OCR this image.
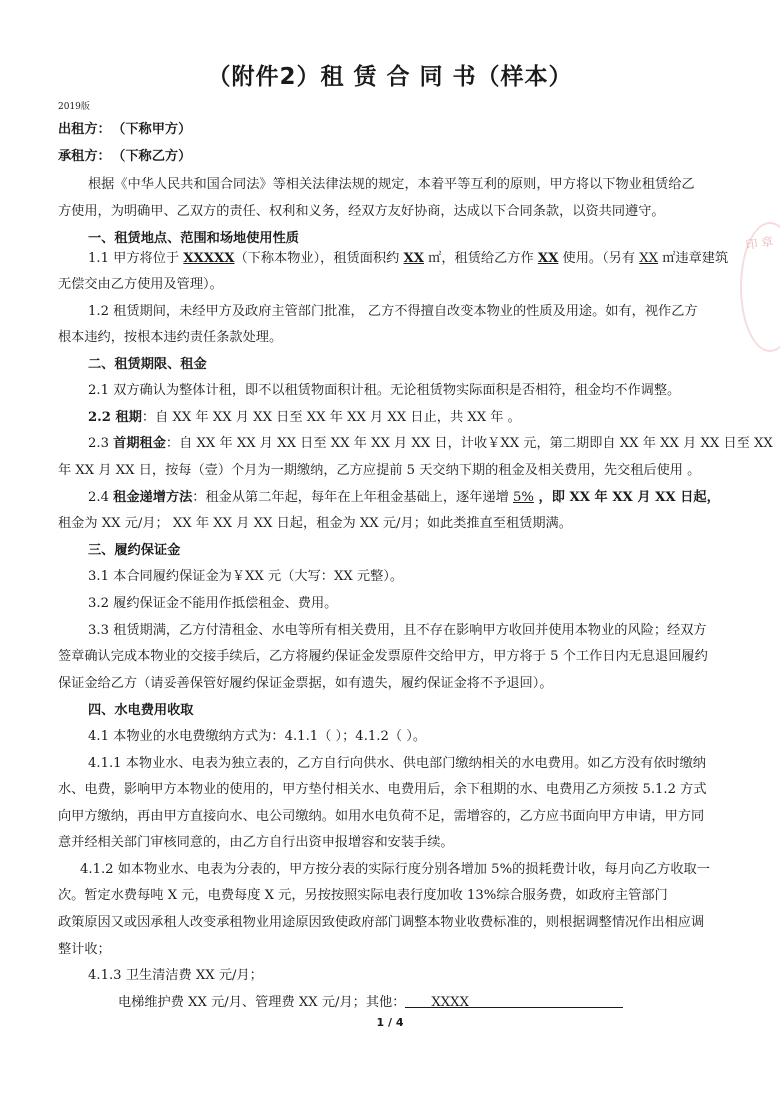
（附件2）租 赁 合 同 书（样本）
2019版
出租方： （下称甲方）
承租方： （下称乙方）
根据《中华人民共和国合同法》等相关法律法规的规定，本着平等互利的原则，甲方将以下物业租赁给乙
方使用，为明确甲、乙双方的责任、权利和义务，经双方友好协商，达成以下合同条款，以资共同遵守。
一、租赁地点、范围和场地使用性质
1.1 甲方将位于 XXXXX（下称本物业），租赁面积约 XX ㎡，租赁给乙方作 XX 使用。（另有 XX ㎡违章建筑
无偿交由乙方使用及管理）。
1.2 租赁期间，未经甲方及政府主管部门批准， 乙方不得擅自改变本物业的性质及用途。如有，视作乙方
根本违约，按根本违约责任条款处理。
二、租赁期限、租金
2.1 双方确认为整体计租，即不以租赁物面积计租。无论租赁物实际面积是否相符，租金均不作调整。
2.2 租期：自 XX 年 XX 月 XX 日至 XX 年 XX 月 XX 日止，共 XX 年 。
2.3 首期租金：自 XX 年 XX 月 XX 日至 XX 年 XX 月 XX 日，计收￥XX 元，第二期即自 XX 年 XX 月 XX 日至 XX
年 XX 月 XX 日，按每（壹）个月为一期缴纳，乙方应提前 5 天交纳下期的租金及相关费用，先交租后使用 。
2.4 租金递增方法：租金从第二年起，每年在上年租金基础上，逐年递增 5% ，即 XX 年 XX 月 XX 日起，
租金为 XX 元/月； XX 年 XX 月 XX 日起，租金为 XX 元/月；如此类推直至租赁期满。
三、履约保证金
3.1 本合同履约保证金为￥XX 元（大写：XX 元整）。
3.2 履约保证金不能用作抵偿租金、费用。
3.3 租赁期满，乙方付清租金、水电等所有相关费用，且不存在影响甲方收回并使用本物业的风险；经双方
签章确认完成本物业的交接手续后，乙方将履约保证金发票原件交给甲方，甲方将于 5 个工作日内无息退回履约
保证金给乙方（请妥善保管好履约保证金票据，如有遗失，履约保证金将不予退回）。
四、水电费用收取
4.1 本物业的水电费缴纳方式为：4.1.1（ ）；4.1.2（ ）。
4.1.1 本物业水、电表为独立表的，乙方自行向供水、供电部门缴纳相关的水电费用。如乙方没有依时缴纳
水、电费，影响甲方本物业的使用的，甲方垫付相关水、电费用后，余下租期的水、电费用乙方须按 5.1.2 方式
向甲方缴纳，再由甲方直接向水、电公司缴纳。如用水电负荷不足，需增容的，乙方应书面向甲方申请，甲方同
意并经相关部门审核同意的，由乙方自行出资申报增容和安装手续。
4.1.2 如本物业水、电表为分表的，甲方按分表的实际行度分别各增加 5%的损耗费计收，每月向乙方收取一
次。暂定水费每吨 X 元，电费每度 X 元，另按按照实际电表行度加收 13%综合服务费，如政府主管部门
政策原因又或因承租人改变承租物业用途原因致使政府部门调整本物业收费标准的，则根据调整情况作出相应调
整计收；
4.1.3 卫生清洁费 XX 元/月；
电梯维护费 XX 元/月、管理费 XX 元/月；其他： XXXX
印 章
1 / 4
